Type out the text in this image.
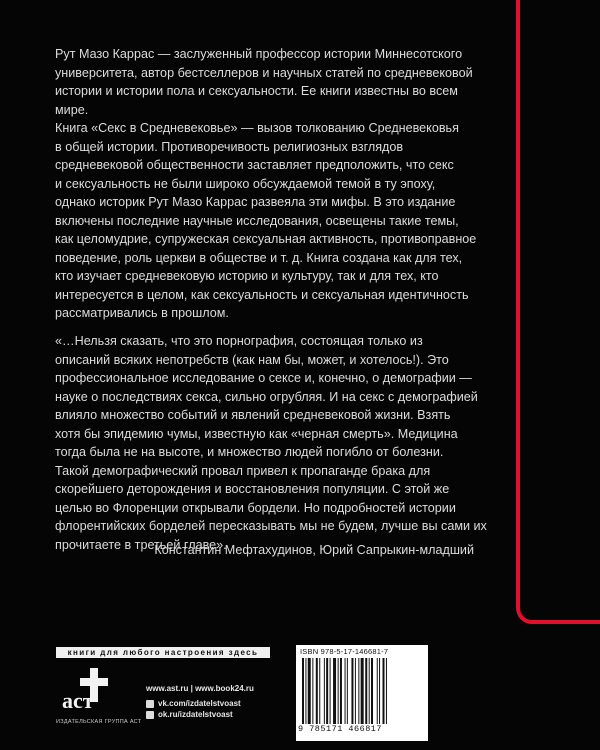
Рут Мазо Каррас — заслуженный профессор истории Миннесотского
университета, автор бестселлеров и научных статей по средневековой
истории и истории пола и сексуальности. Ее книги известны во всем
мире.
Книга «Секс в Средневековье» — вызов толкованию Средневековья
в общей истории. Противоречивость религиозных взглядов
средневековой общественности заставляет предположить, что секс
и сексуальность не были широко обсуждаемой темой в ту эпоху,
однако историк Рут Мазо Каррас развеяла эти мифы. В это издание
включены последние научные исследования, освещены такие темы,
как целомудрие, супружеская сексуальная активность, противоправное
поведение, роль церкви в обществе и т. д. Книга создана как для тех,
кто изучает средневековую историю и культуру, так и для тех, кто
интересуется в целом, как сексуальность и сексуальная идентичность
рассматривались в прошлом.
«…Нельзя сказать, что это порнография, состоящая только из
описаний всяких непотребств (как нам бы, может, и хотелось!). Это
профессиональное исследование о сексе и, конечно, о демографии —
науке о последствиях секса, сильно огрубляя. И на секс с демографией
влияло множество событий и явлений средневековой жизни. Взять
хотя бы эпидемию чумы, известную как «черная смерть». Медицина
тогда была не на высоте, и множество людей погибло от болезни.
Такой демографический провал привел к пропаганде брака для
скорейшего деторождения и восстановления популяции. С этой же
целью во Флоренции открывали бордели. Но подробностей истории
флорентийских борделей пересказывать мы не будем, лучше вы сами их
прочитаете в третьей главе».
Константин Мефтахудинов, Юрий Сапрыкин-младший
книги для любого настроения здесь
аст
ИЗДАТЕЛЬСКАЯ ГРУППА АСТ
www.ast.ru | www.book24.ru
vk.com/izdatelstvoast
ok.ru/izdatelstvoast
ISBN 978-5-17-146681-7
9 785171 466817
